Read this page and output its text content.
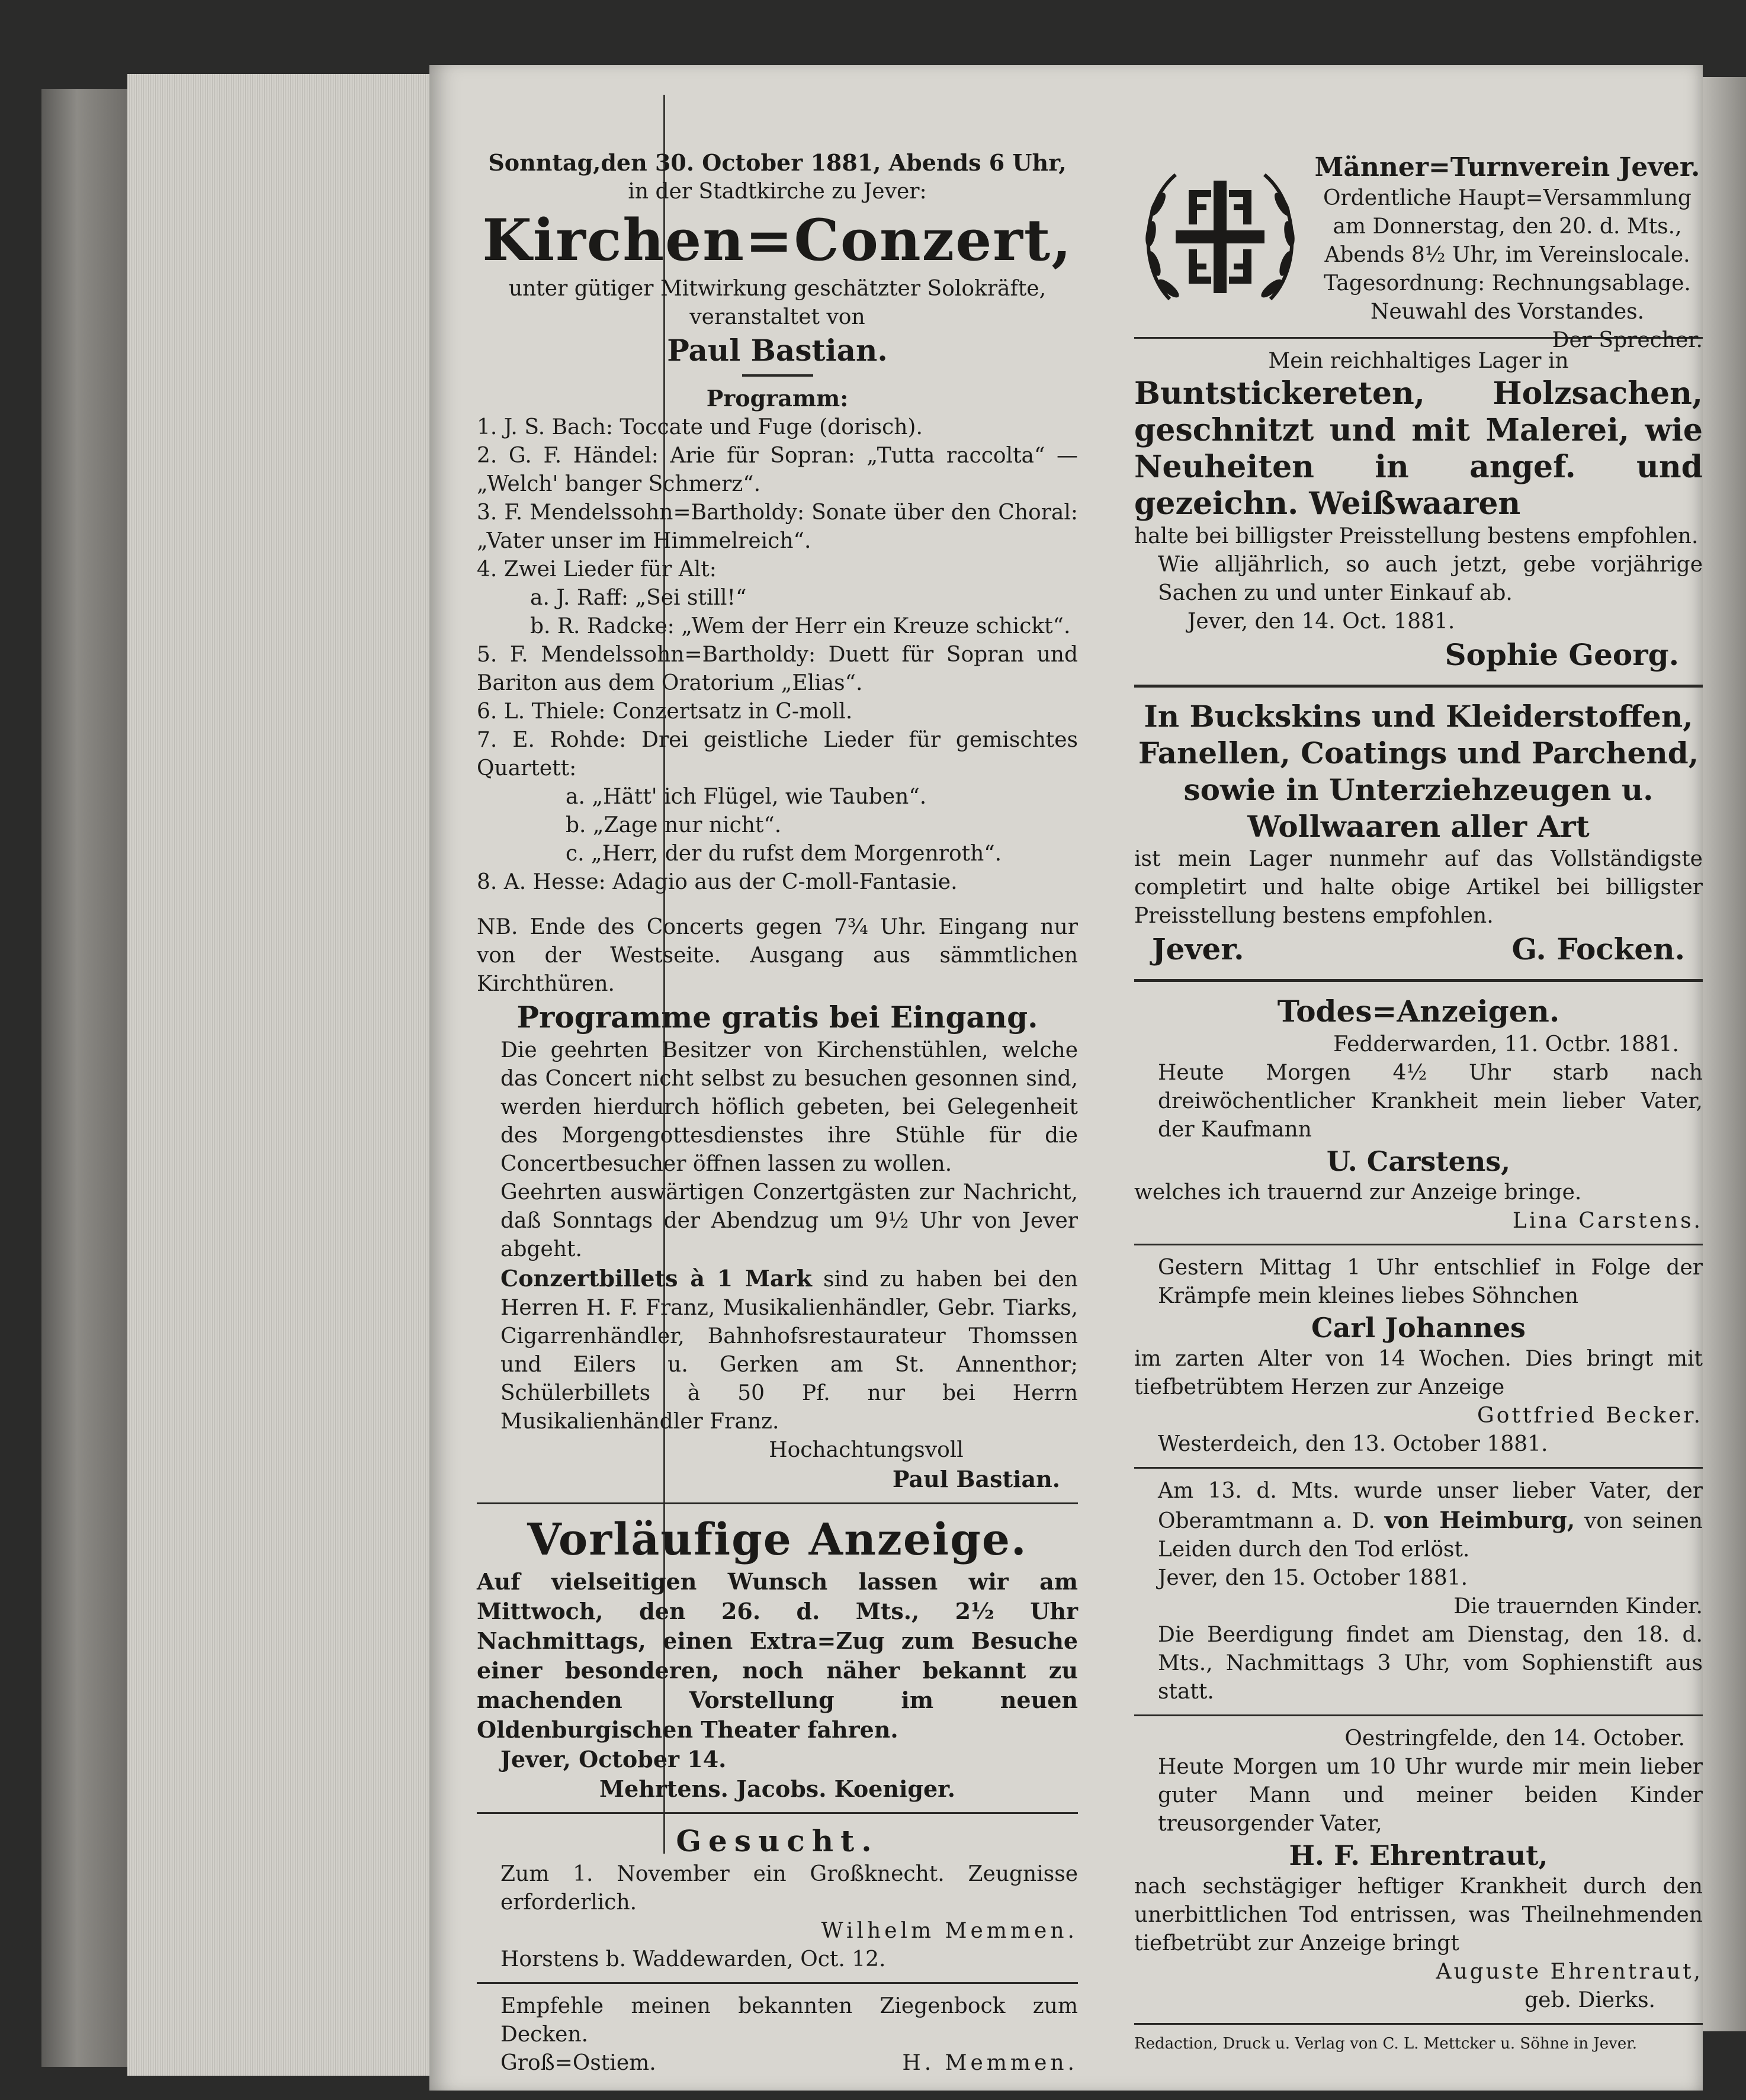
Sonntag,den 30. October 1881, Abends 6 Uhr,

in der Stadtkirche zu Jever:

Kirchen=Conzert,

unter gütiger Mitwirkung geschätzter Solokräfte,

veranstaltet von

Paul Bastian.

Programm:

1. J. S. Bach: Toccate und Fuge (dorisch).

2. G. F. Händel: Arie für Sopran: „Tutta raccolta“ — „Welch' banger Schmerz“.

3. F. Mendelssohn=Bartholdy: Sonate über den Choral: „Vater unser im Himmelreich“.

4. Zwei Lieder für Alt:

a. J. Raff: „Sei still!“

b. R. Radcke: „Wem der Herr ein Kreuze schickt“.

5. F. Mendelssohn=Bartholdy: Duett für Sopran und Bariton aus dem Oratorium „Elias“.

6. L. Thiele: Conzertsatz in C-moll.

7. E. Rohde: Drei geistliche Lieder für gemischtes Quartett:

a. „Hätt' ich Flügel, wie Tauben“.

b. „Zage nur nicht“.

c. „Herr, der du rufst dem Morgenroth“.

8. A. Hesse: Adagio aus der C-moll-Fantasie.

NB. Ende des Concerts gegen 7¾ Uhr. Eingang nur von der Westseite. Ausgang aus sämmtlichen Kirchthüren.

Programme gratis bei Eingang.

Die geehrten Besitzer von Kirchenstühlen, welche das Concert nicht selbst zu besuchen gesonnen sind, werden hierdurch höflich gebeten, bei Gelegenheit des Morgengottesdienstes ihre Stühle für die Concertbesucher öffnen lassen zu wollen.

Geehrten auswärtigen Conzertgästen zur Nachricht, daß Sonntags der Abendzug um 9½ Uhr von Jever abgeht.

Conzertbillets à 1 Mark sind zu haben bei den Herren H. F. Franz, Musikalienhändler, Gebr. Tiarks, Cigarrenhändler, Bahnhofsrestaurateur Thomssen und Eilers u. Gerken am St. Annenthor; Schülerbillets à 50 Pf. nur bei Herrn Musikalienhändler Franz.

Hochachtungsvoll

Paul Bastian.

Vorläufige Anzeige.

Auf vielseitigen Wunsch lassen wir am Mittwoch, den 26. d. Mts., 2½ Uhr Nachmittags, einen Extra=Zug zum Besuche einer besonderen, noch näher bekannt zu machenden Vorstellung im neuen Oldenburgischen Theater fahren.

Jever, October 14.

Mehrtens. Jacobs. Koeniger.

Gesucht.

Zum 1. November ein Großknecht. Zeugnisse erforderlich.

Wilhelm Memmen.

Horstens b. Waddewarden, Oct. 12.

Empfehle meinen bekannten Ziegenbock zum Decken.

Groß=Ostiem.	H. Memmen.

Männer=Turnverein Jever.

Ordentliche Haupt=Versammlung

am Donnerstag, den 20. d. Mts.,

Abends 8½ Uhr, im Vereinslocale.

Tagesordnung: Rechnungsablage.

Neuwahl des Vorstandes.

Der Sprecher.

Mein reichhaltiges Lager in

Buntstickereten, Holzsachen, geschnitzt und mit Malerei, wie Neuheiten in angef. und gezeichn. Weißwaaren

halte bei billigster Preisstellung bestens empfohlen.

Wie alljährlich, so auch jetzt, gebe vorjährige Sachen zu und unter Einkauf ab.

Jever, den 14. Oct. 1881.

Sophie Georg.

In Buckskins und Kleiderstoffen, Fanellen, Coatings und Parchend, sowie in Unterziehzeugen u. Wollwaaren aller Art

ist mein Lager nunmehr auf das Vollständigste completirt und halte obige Artikel bei billigster Preisstellung bestens empfohlen.

Jever.	G. Focken.

Todes=Anzeigen.

Fedderwarden, 11. Octbr. 1881.

Heute Morgen 4½ Uhr starb nach dreiwöchentlicher Krankheit mein lieber Vater, der Kaufmann

U. Carstens,

welches ich trauernd zur Anzeige bringe.

Lina Carstens.

Gestern Mittag 1 Uhr entschlief in Folge der Krämpfe mein kleines liebes Söhnchen

Carl Johannes

im zarten Alter von 14 Wochen. Dies bringt mit tiefbetrübtem Herzen zur Anzeige

Gottfried Becker.

Westerdeich, den 13. October 1881.

Am 13. d. Mts. wurde unser lieber Vater, der Oberamtmann a. D. von Heimburg, von seinen Leiden durch den Tod erlöst.

Jever, den 15. October 1881.

Die trauernden Kinder.

Die Beerdigung findet am Dienstag, den 18. d. Mts., Nachmittags 3 Uhr, vom Sophienstift aus statt.

Oestringfelde, den 14. October.

Heute Morgen um 10 Uhr wurde mir mein lieber guter Mann und meiner beiden Kinder treusorgender Vater,

H. F. Ehrentraut,

nach sechstägiger heftiger Krankheit durch den unerbittlichen Tod entrissen, was Theilnehmenden tiefbetrübt zur Anzeige bringt

Auguste Ehrentraut,

geb. Dierks.

Redaction, Druck u. Verlag von C. L. Mettcker u. Söhne in Jever.
